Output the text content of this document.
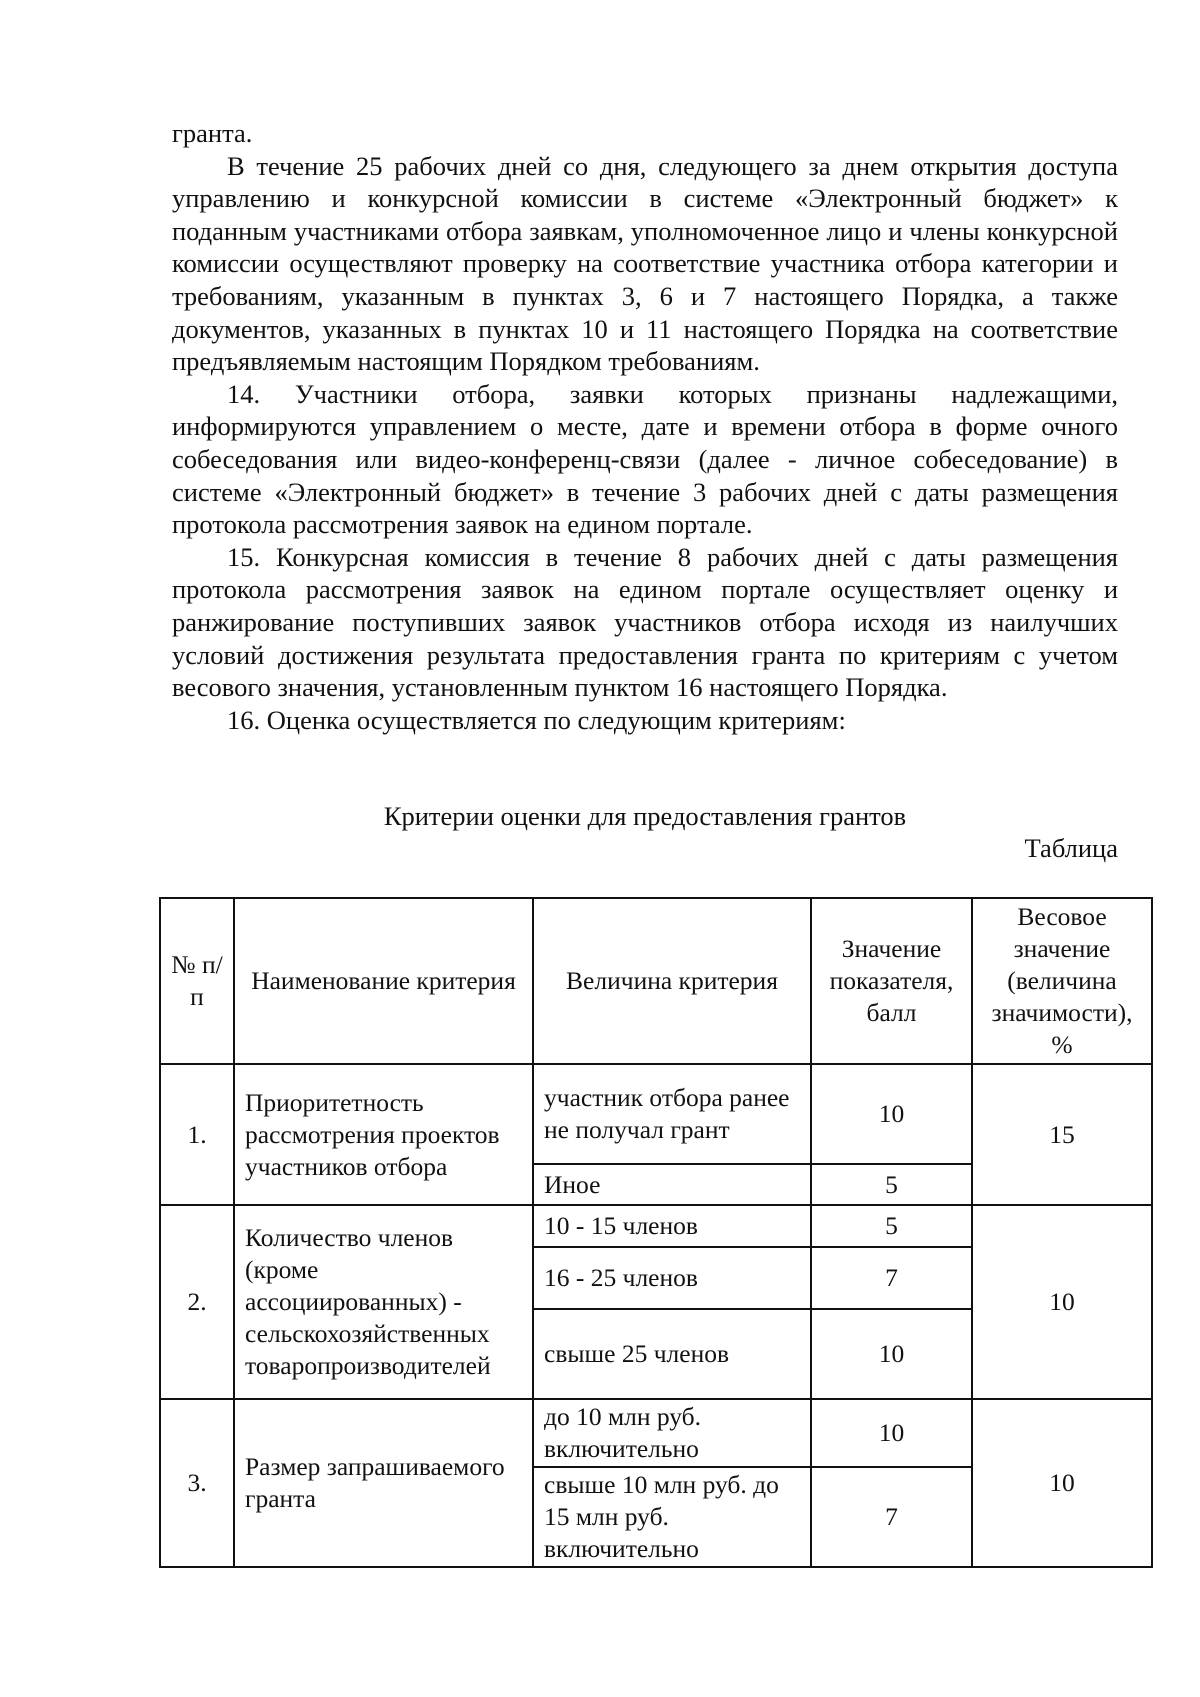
гранта.

В течение 25 рабочих дней со дня, следующего за днем открытия доступа управлению и конкурсной комиссии в системе «Электронный бюджет» к поданным участниками отбора заявкам, уполномоченное лицо и члены конкурсной комиссии осуществляют проверку на соответствие участника отбора категории и требованиям, указанным в пунктах 3, 6 и 7 настоящего Порядка, а также документов, указанных в пунктах 10 и 11 настоящего Порядка на соответствие предъявляемым настоящим Порядком требованиям.

14. Участники отбора, заявки которых признаны надлежащими, информируются управлением о месте, дате и времени отбора в форме очного собеседования или видео-конференц-связи (далее - личное собеседование) в системе «Электронный бюджет» в течение 3 рабочих дней с даты размещения протокола рассмотрения заявок на едином портале.

15. Конкурсная комиссия в течение 8 рабочих дней с даты размещения протокола рассмотрения заявок на едином портале осуществляет оценку и ранжирование поступивших заявок участников отбора исходя из наилучших условий достижения результата предоставления гранта по критериям с учетом весового значения, установленным пунктом 16 настоящего Порядка.

16. Оценка осуществляется по следующим критериям:

Критерии оценки для предоставления грантов
Таблица
№ п/п	Наименование критерия	Величина критерия	Значение показателя, балл	Весовое значение (величина значимости), %
1.	Приоритетность рассмотрения проектов участников отбора	участник отбора ранее не получал грант	10	15
		Иное	5	
2.	Количество членов (кроме ассоциированных) - сельскохозяйственных товаропроизводителей	10 - 15 членов	5	10
		16 - 25 членов	7	
		свыше 25 членов	10	
3.	Размер запрашиваемого гранта	до 10 млн руб. включительно	10	10
		свыше 10 млн руб. до 15 млн руб. включительно	7	
